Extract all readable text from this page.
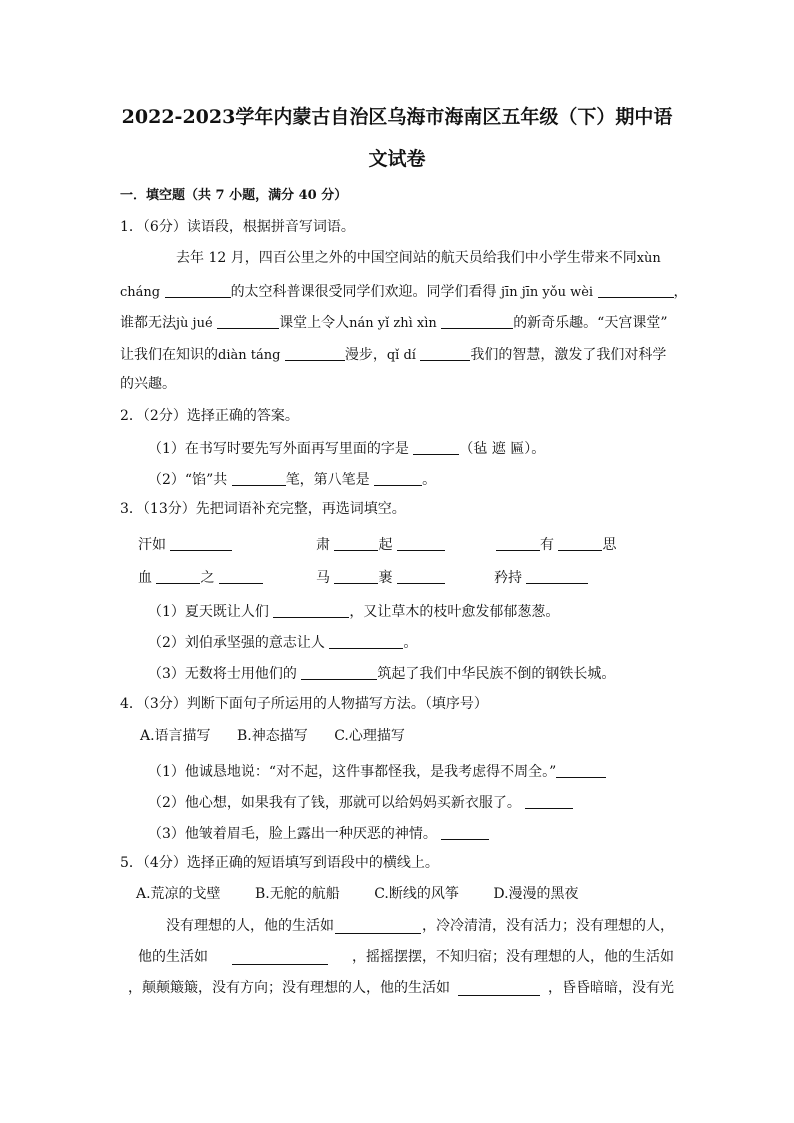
2022-2023学年内蒙古自治区乌海市海南区五年级（下）期中语
文试卷
一．填空题（共 7 小题，满分 40 分）
1．（6分）读语段，根据拼音写词语。
去年 12 月，四百公里之外的中国空间站的航天员给我们中小学生带来不同xùn
cháng	的太空科普课很受同学们欢迎。同学们看得 jīn jīn yǒu wèi	，
谁都无法jù jué	课堂上令人nán yǐ zhì xìn	的新奇乐趣。“天宫课堂”
让我们在知识的diàn táng	漫步，qǐ dí	我们的智慧，激发了我们对科学
的兴趣。
2．（2分）选择正确的答案。
（1）在书写时要先写外面再写里面的字是	（毡 遮 匾）。
（2）“馅”共	笔，第八笔是	。
3．（13分）先把词语补充完整，再选词填空。
汗如	肃	起	有	思
血	之	马	裹	矜持
（1）夏天既让人们	，又让草木的枝叶愈发郁郁葱葱。
（2）刘伯承坚强的意志让人	。
（3）无数将士用他们的	筑起了我们中华民族不倒的钢铁长城。
4．（3分）判断下面句子所运用的人物描写方法。（填序号）
A.语言描写 B.神态描写 C.心理描写
（1）他诚恳地说：“对不起，这件事都怪我，是我考虑得不周全。”
（2）他心想，如果我有了钱，那就可以给妈妈买新衣服了。
（3）他皱着眉毛，脸上露出一种厌恶的神情。
5．（4分）选择正确的短语填写到语段中的横线上。
A.荒凉的戈壁 B.无舵的航船 C.断线的风筝 D.漫漫的黑夜
没有理想的人，他的生活如	，冷冷清清，没有活力；没有理想的人，
他的生活如	，摇摇摆摆，不知归宿；没有理想的人，他的生活如
，颠颠簸簸，没有方向；没有理想的人，他的生活如	，昏昏暗暗，没有光
